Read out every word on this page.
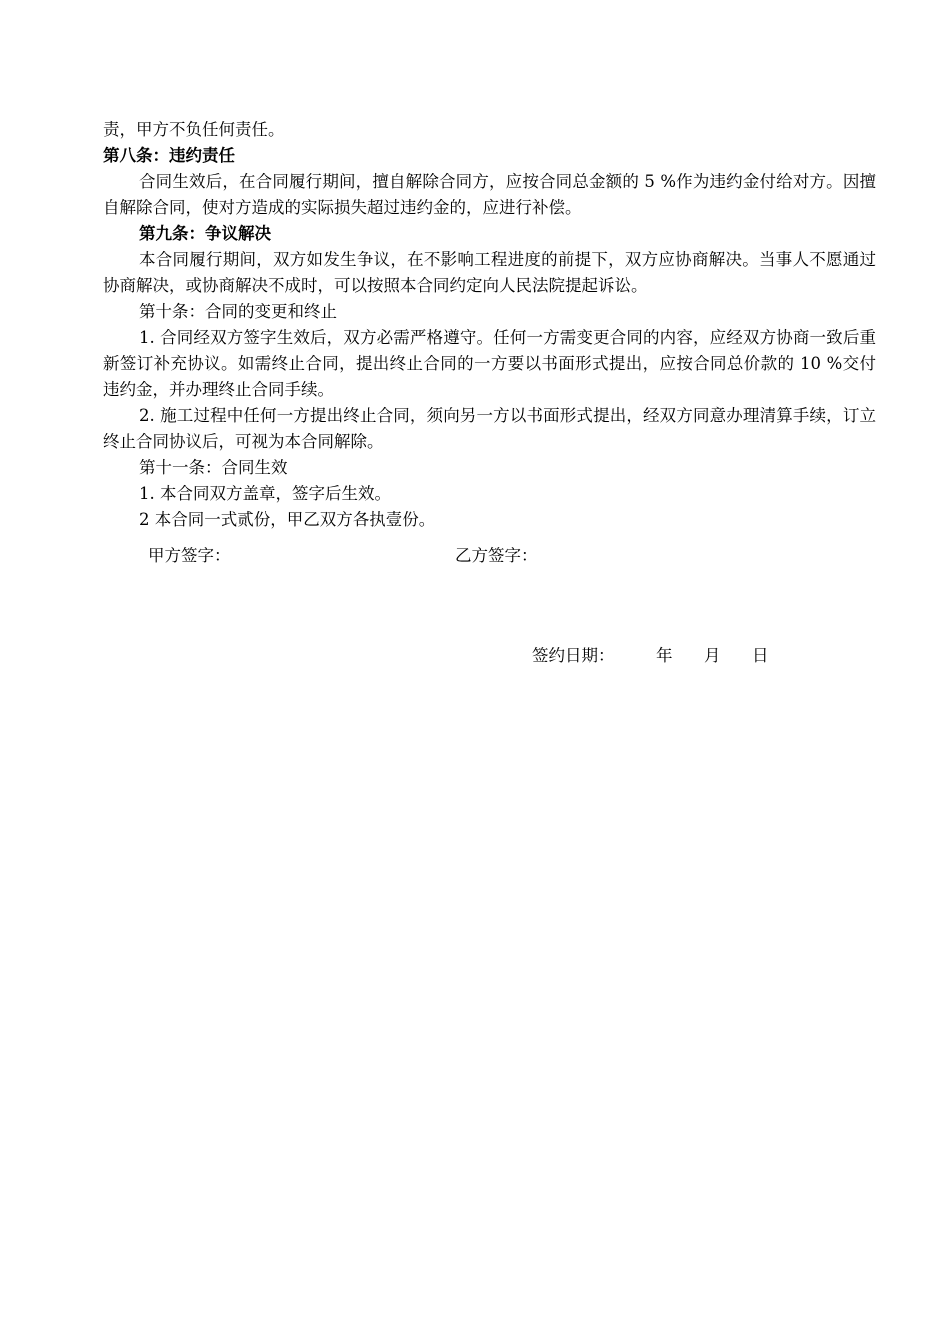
责，甲方不负任何责任。

第八条：违约责任

合同生效后，在合同履行期间，擅自解除合同方，应按合同总金额的 5 %作为违约金付给对方。因擅自解除合同，使对方造成的实际损失超过违约金的，应进行补偿。

第九条：争议解决

本合同履行期间，双方如发生争议，在不影响工程进度的前提下，双方应协商解决。当事人不愿通过协商解决，或协商解决不成时，可以按照本合同约定向人民法院提起诉讼。

第十条：合同的变更和终止

1. 合同经双方签字生效后，双方必需严格遵守。任何一方需变更合同的内容，应经双方协商一致后重新签订补充协议。如需终止合同，提出终止合同的一方要以书面形式提出，应按合同总价款的 10 %交付违约金，并办理终止合同手续。

2. 施工过程中任何一方提出终止合同，须向另一方以书面形式提出，经双方同意办理清算手续，订立终止合同协议后，可视为本合同解除。

第十一条：合同生效

1. 本合同双方盖章，签字后生效。

2 本合同一式贰份，甲乙双方各执壹份。

甲方签字：	乙方签字：
签约日期：	年 月 日
